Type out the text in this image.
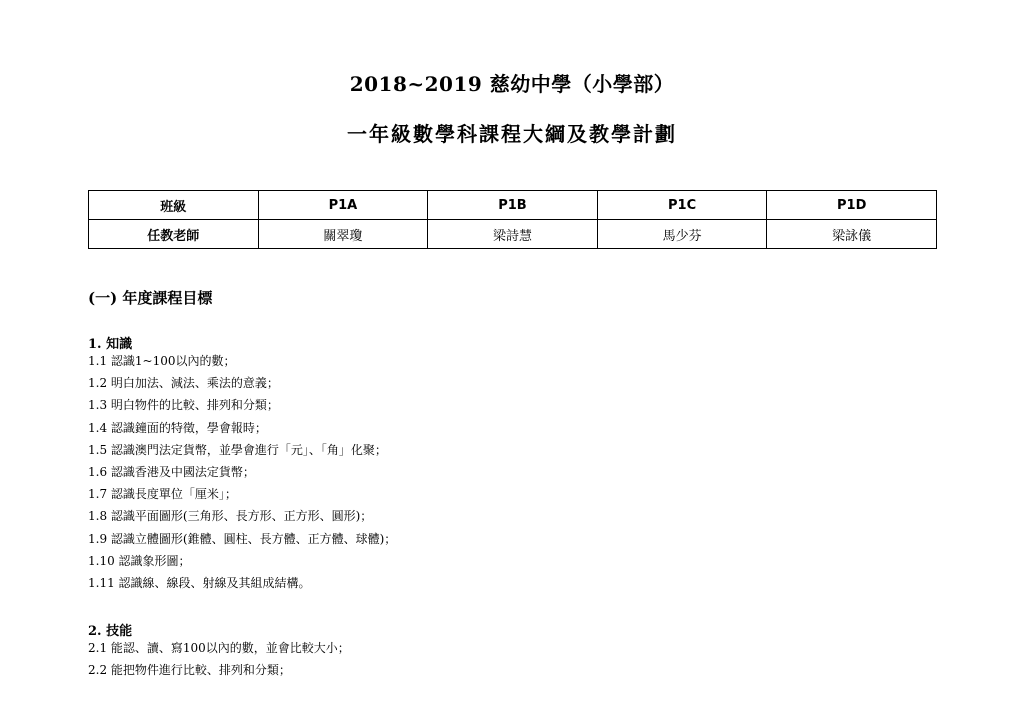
2018~2019 慈幼中學（小學部）
一年級數學科課程大綱及教學計劃
班級	P1A	P1B	P1C	P1D
任教老師	關翠瓊	梁詩慧	馬少芬	梁詠儀
(一) 年度課程目標
1. 知識
1.1 認識1~100以內的數；
1.2 明白加法、減法、乘法的意義；
1.3 明白物件的比較、排列和分類；
1.4 認識鐘面的特徵，學會報時；
1.5 認識澳門法定貨幣，並學會進行「元」、「角」化聚；
1.6 認識香港及中國法定貨幣；
1.7 認識長度單位「厘米」；
1.8 認識平面圖形(三角形、長方形、正方形、圓形)；
1.9 認識立體圖形(錐體、圓柱、長方體、正方體、球體)；
1.10 認識象形圖；
1.11 認識線、線段、射線及其組成結構。
2. 技能
2.1 能認、讀、寫100以內的數，並會比較大小；
2.2 能把物件進行比較、排列和分類；
